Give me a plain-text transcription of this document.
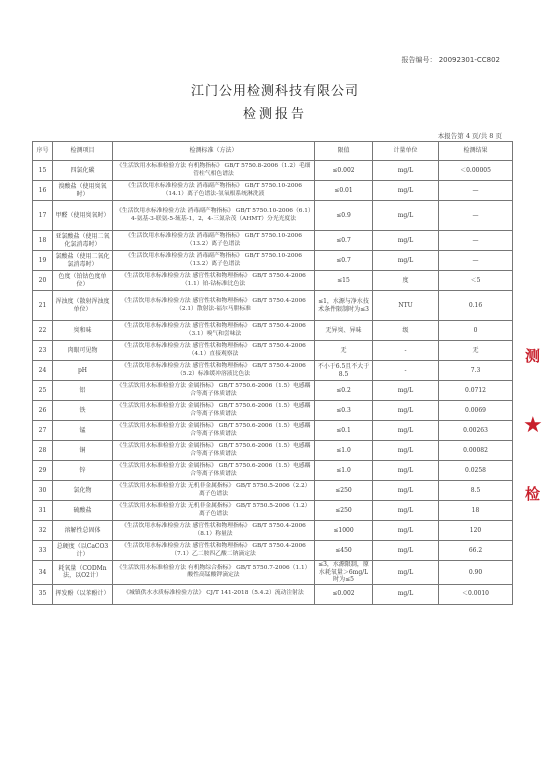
报告编号： 20092301-CC802
江门公用检测科技有限公司
检测报告
本报告第 4 页/共 8 页
序号	检测项目	检测标准（方法）	限值	计量单位	检测结果
15	四氯化碳	《生活饮用水标准检验方法 有机物指标》 GB/T 5750.8-2006（1.2）毛细管柱气相色谱法	≤0.002	mg/L	＜0.00005
16	溴酸盐（使用臭氧时）	《生活饮用水标准检验方法 消毒副产物指标》 GB/T 5750.10-2006（14.1）离子色谱法-氢氧根系统淋洗液	≤0.01	mg/L	—
17	甲醛（使用臭氧时）	《生活饮用水标准检验方法 消毒副产物指标》 GB/T 5750.10-2006（6.1）4-氨基-3-联氨-5-巯基-1，2，4-三氮杂茂（AHMT）分光光度法	≤0.9	mg/L	—
18	亚氯酸盐（使用二氧化氯消毒时）	《生活饮用水标准检验方法 消毒副产物指标》 GB/T 5750.10-2006（13.2）离子色谱法	≤0.7	mg/L	—
19	氯酸盐（使用二氧化氯消毒时）	《生活饮用水标准检验方法 消毒副产物指标》 GB/T 5750.10-2006（13.2）离子色谱法	≤0.7	mg/L	—
20	色度（铂钴色度单位）	《生活饮用水标准检验方法 感官性状和物理指标》 GB/T 5750.4-2006（1.1）铂-钴标准比色法	≤15	度	＜5
21	浑浊度（散射浑浊度单位）	《生活饮用水标准检验方法 感官性状和物理指标》 GB/T 5750.4-2006（2.1）散射法-福尔马肼标准	≤1，水源与净水技术条件限制时为≤3	NTU	0.16
22	臭和味	《生活饮用水标准检验方法 感官性状和物理指标》 GB/T 5750.4-2006（3.1）嗅气和尝味法	无异臭、异味	级	0
23	肉眼可见物	《生活饮用水标准检验方法 感官性状和物理指标》 GB/T 5750.4-2006（4.1）直接观察法	无	-	无
24	pH	《生活饮用水标准检验方法 感官性状和物理指标》 GB/T 5750.4-2006（5.2）标准缓冲溶液比色法	不小于6.5且不大于8.5	-	7.3
25	铝	《生活饮用水标准检验方法 金属指标》 GB/T 5750.6-2006（1.5）电感耦合等离子体质谱法	≤0.2	mg/L	0.0712
26	铁	《生活饮用水标准检验方法 金属指标》 GB/T 5750.6-2006（1.5）电感耦合等离子体质谱法	≤0.3	mg/L	0.0069
27	锰	《生活饮用水标准检验方法 金属指标》 GB/T 5750.6-2006（1.5）电感耦合等离子体质谱法	≤0.1	mg/L	0.00263
28	铜	《生活饮用水标准检验方法 金属指标》 GB/T 5750.6-2006（1.5）电感耦合等离子体质谱法	≤1.0	mg/L	0.00082
29	锌	《生活饮用水标准检验方法 金属指标》 GB/T 5750.6-2006（1.5）电感耦合等离子体质谱法	≤1.0	mg/L	0.0258
30	氯化物	《生活饮用水标准检验方法 无机非金属指标》 GB/T 5750.5-2006（2.2）离子色谱法	≤250	mg/L	8.5
31	硫酸盐	《生活饮用水标准检验方法 无机非金属指标》 GB/T 5750.5-2006（1.2）离子色谱法	≤250	mg/L	18
32	溶解性总固体	《生活饮用水标准检验方法 感官性状和物理指标》 GB/T 5750.4-2006（8.1）称量法	≤1000	mg/L	120
33	总硬度（以CaCO3计）	《生活饮用水标准检验方法 感官性状和物理指标》 GB/T 5750.4-2006（7.1）乙二胺四乙酸二钠滴定法	≤450	mg/L	66.2
34	耗氧量（CODMn法，以O2计）	《生活饮用水标准检验方法 有机物综合指标》 GB/T 5750.7-2006（1.1）酸性高锰酸钾滴定法	≤3，水源限制，原水耗氧量＞6mg/L时为≤5	mg/L	0.90
35	挥发酚（以苯酚计）	《城镇供水水质标准检验方法》 CJ/T 141-2018（5.4.2）流动注射法	≤0.002	mg/L	＜0.0010
测
★
检
